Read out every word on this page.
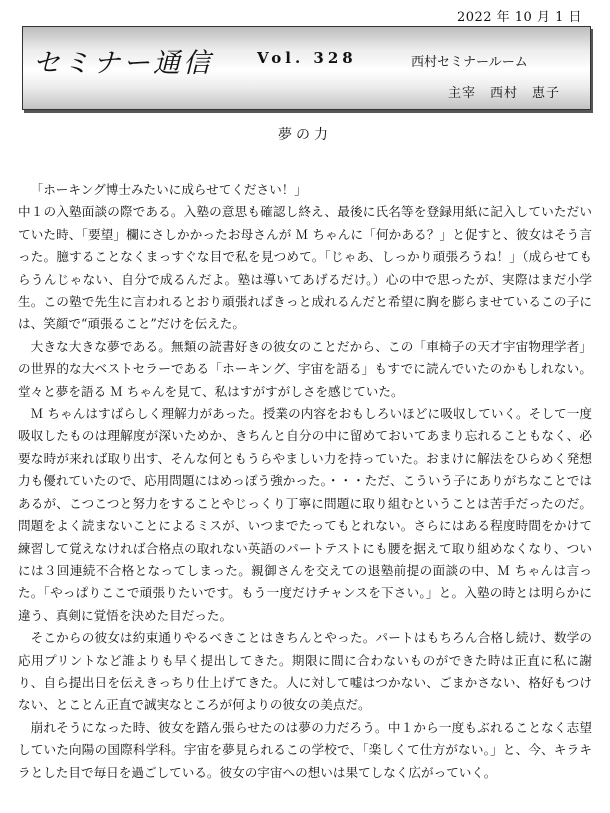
2022 年 10 月 1 日
セミナー通信	Vol. 328	西村セミナールーム
主宰　西村　恵子
夢の力

「ホーキング博士みたいに成らせてください！」

中１の入塾面談の際である。入塾の意思も確認し終え、最後に氏名等を登録用紙に記入していただいていた時、「要望」欄にさしかかったお母さんが Ｍ ちゃんに「何かある？」と促すと、彼女はそう言った。臆することなくまっすぐな目で私を見つめて。「じゃあ、しっかり頑張ろうね！」（成らせてもらうんじゃない、自分で成るんだよ。塾は導いてあげるだけ。）心の中で思ったが、実際はまだ小学生。この塾で先生に言われるとおり頑張ればきっと成れるんだと希望に胸を膨らませているこの子には、笑顔で“頑張ること”だけを伝えた。

大きな大きな夢である。無類の読書好きの彼女のことだから、この「車椅子の天才宇宙物理学者」の世界的な大ベストセラーである「ホーキング、宇宙を語る」もすでに読んでいたのかもしれない。堂々と夢を語る Ｍ ちゃんを見て、私はすがすがしさを感じていた。

Ｍ ちゃんはすばらしく理解力があった。授業の内容をおもしろいほどに吸収していく。そして一度吸収したものは理解度が深いためか、きちんと自分の中に留めておいてあまり忘れることもなく、必要な時が来れば取り出す、そんな何ともうらやましい力を持っていた。おまけに解法をひらめく発想力も優れていたので、応用問題にはめっぽう強かった。・・・ただ、こういう子にありがちなことではあるが、こつこつと努力をすることやじっくり丁寧に問題に取り組むということは苦手だったのだ。問題をよく読まないことによるミスが、いつまでたってもとれない。さらにはある程度時間をかけて練習して覚えなければ合格点の取れない英語のパートテストにも腰を据えて取り組めなくなり、ついには３回連続不合格となってしまった。親御さんを交えての退塾前提の面談の中、Ｍ ちゃんは言った。「やっぱりここで頑張りたいです。もう一度だけチャンスを下さい。」と。入塾の時とは明らかに違う、真剣に覚悟を決めた目だった。

そこからの彼女は約束通りやるべきことはきちんとやった。パートはもちろん合格し続け、数学の応用プリントなど誰よりも早く提出してきた。期限に間に合わないものができた時は正直に私に謝り、自ら提出日を伝えきっちり仕上げてきた。人に対して嘘はつかない、ごまかさない、格好もつけない、とことん正直で誠実なところが何よりの彼女の美点だ。

崩れそうになった時、彼女を踏ん張らせたのは夢の力だろう。中１から一度もぶれることなく志望していた向陽の国際科学科。宇宙を夢見られるこの学校で、「楽しくて仕方がない。」と、今、キラキラとした目で毎日を過ごしている。彼女の宇宙への想いは果てしなく広がっていく。
